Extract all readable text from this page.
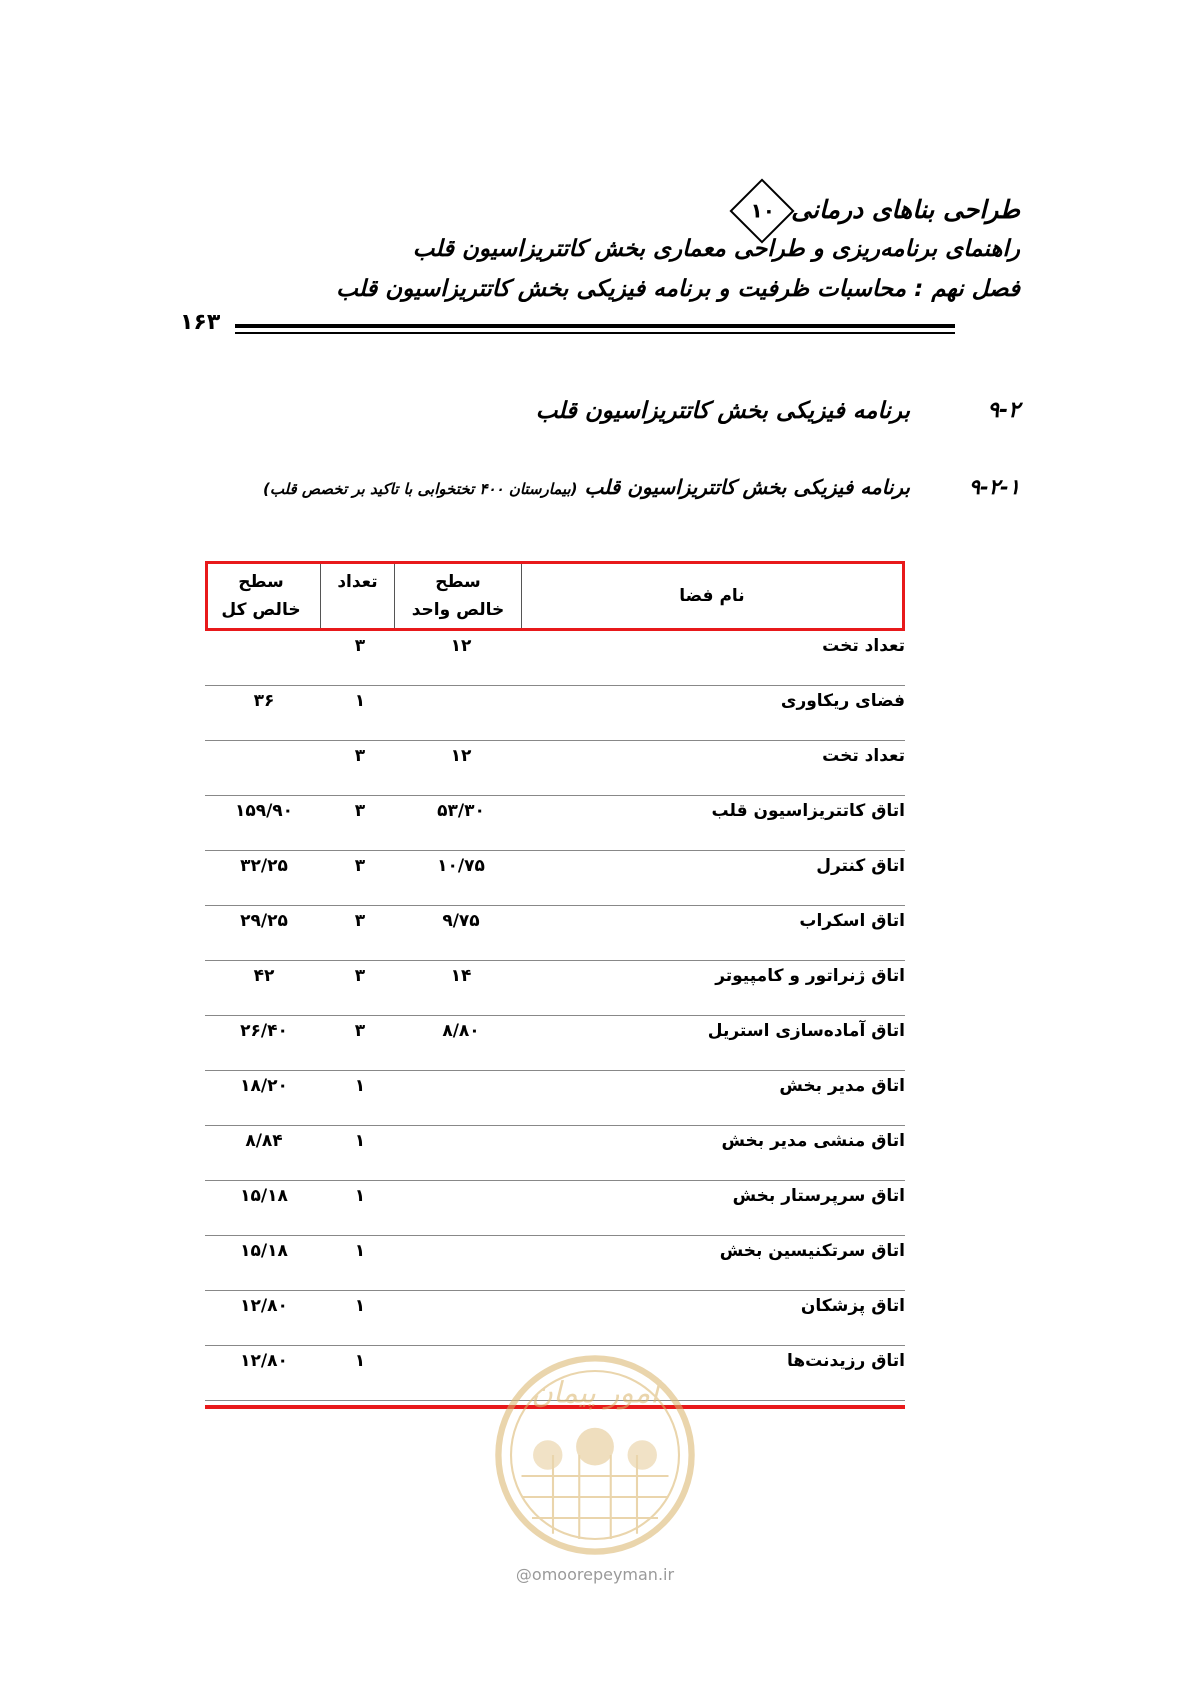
طراحی بناهای درمانی
۱۰
راهنمای برنامه‌ریزی و طراحی معماری بخش کاتتریزاسیون قلب
فصل نهم : محاسبات ظرفیت و برنامه فیزیکی بخش کاتتریزاسیون قلب
۱۶۳
۹-۲
برنامه فیزیکی بخش کاتتریزاسیون قلب
۹-۲-۱
برنامه فیزیکی بخش کاتتریزاسیون قلب (بیمارستان ۴۰۰ تختخوابی با تاکید بر تخصص قلب)
نام فضا
سطح
خالص واحد
تعداد
سطح
خالص کل
تعداد تخت
۱۲
۳
فضای ریکاوری
۱
۳۶
تعداد تخت
۱۲
۳
اتاق کاتتریزاسیون قلب
۵۳/۳۰
۳
۱۵۹/۹۰
اتاق کنترل
۱۰/۷۵
۳
۳۲/۲۵
اتاق اسکراب
۹/۷۵
۳
۲۹/۲۵
اتاق ژنراتور و کامپیوتر
۱۴
۳
۴۲
اتاق آماده‌سازی استریل
۸/۸۰
۳
۲۶/۴۰
اتاق مدیر بخش
۱
۱۸/۲۰
اتاق منشی مدیر بخش
۱
۸/۸۴
اتاق سرپرستار بخش
۱
۱۵/۱۸
اتاق سرتکنیسین بخش
۱
۱۵/۱۸
اتاق پزشکان
۱
۱۲/۸۰
اتاق رزیدنت‌ها
۱
۱۲/۸۰
امور پیمان
@omoorepeyman.ir
